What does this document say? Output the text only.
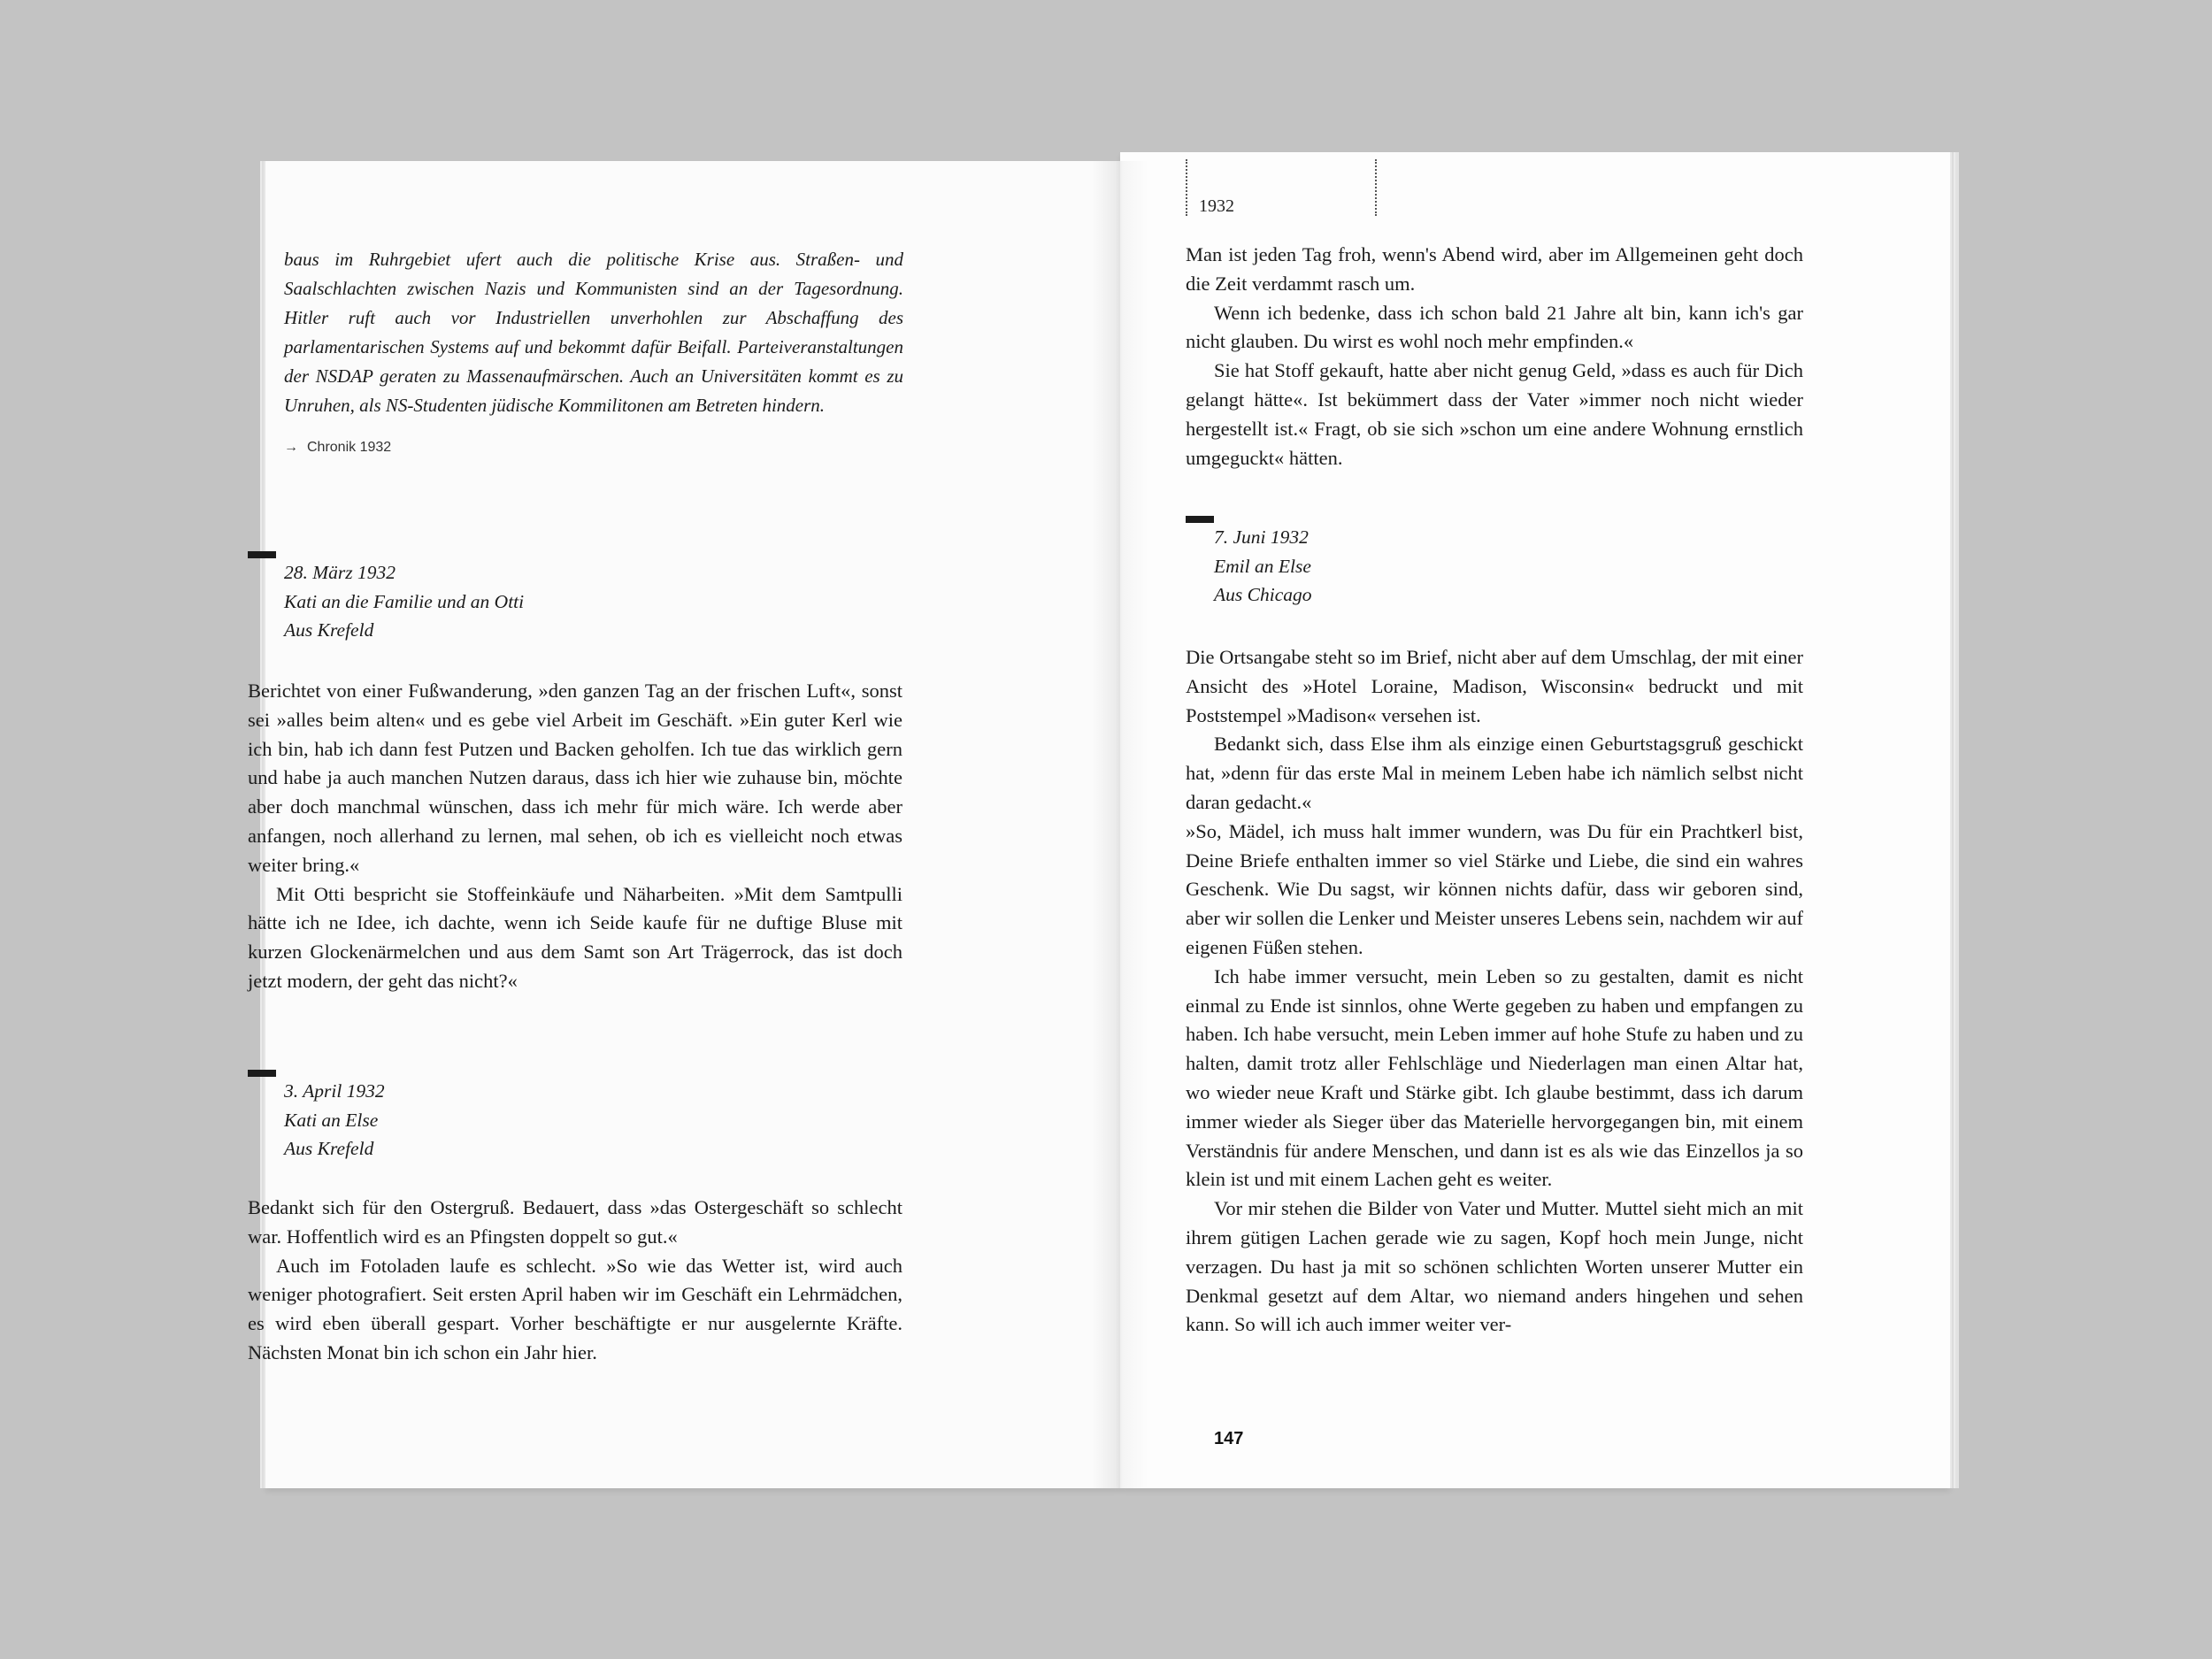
baus im Ruhrgebiet ufert auch die politische Krise aus. Straßen- und Saalschlachten zwischen Nazis und Kommunisten sind an der Tagesordnung. Hitler ruft auch vor Industriellen unverhohlen zur Abschaffung des parlamentarischen Systems auf und bekommt dafür Beifall. Parteiveranstaltungen der NSDAP geraten zu Massenaufmärschen. Auch an Universitäten kommt es zu Unruhen, als NS-Studenten jüdische Kommilitonen am Betreten hindern.

→ Chronik 1932
28. März 1932
Kati an die Familie und an Otti
Aus Krefeld

Berichtet von einer Fußwanderung, »den ganzen Tag an der frischen Luft«, sonst sei »alles beim alten« und es gebe viel Arbeit im Geschäft. »Ein guter Kerl wie ich bin, hab ich dann fest Putzen und Backen geholfen. Ich tue das wirklich gern und habe ja auch manchen Nutzen daraus, dass ich hier wie zuhause bin, möchte aber doch manchmal wünschen, dass ich mehr für mich wäre. Ich werde aber anfangen, noch allerhand zu lernen, mal sehen, ob ich es vielleicht noch etwas weiter bring.«

Mit Otti bespricht sie Stoffeinkäufe und Näharbeiten. »Mit dem Samtpulli hätte ich ne Idee, ich dachte, wenn ich Seide kaufe für ne duftige Bluse mit kurzen Glockenärmelchen und aus dem Samt son Art Trägerrock, das ist doch jetzt modern, der geht das nicht?«

3. April 1932
Kati an Else
Aus Krefeld

Bedankt sich für den Ostergruß. Bedauert, dass »das Ostergeschäft so schlecht war. Hoffentlich wird es an Pfingsten doppelt so gut.«

Auch im Fotoladen laufe es schlecht. »So wie das Wetter ist, wird auch weniger photografiert. Seit ersten April haben wir im Geschäft ein Lehrmädchen, es wird eben überall gespart. Vorher beschäftigte er nur ausgelernte Kräfte. Nächsten Monat bin ich schon ein Jahr hier.

1932

Man ist jeden Tag froh, wenn's Abend wird, aber im Allgemeinen geht doch die Zeit verdammt rasch um.

Wenn ich bedenke, dass ich schon bald 21 Jahre alt bin, kann ich's gar nicht glauben. Du wirst es wohl noch mehr empfinden.«

Sie hat Stoff gekauft, hatte aber nicht genug Geld, »dass es auch für Dich gelangt hätte«. Ist bekümmert dass der Vater »immer noch nicht wieder hergestellt ist.« Fragt, ob sie sich »schon um eine andere Wohnung ernstlich umgeguckt« hätten.

7. Juni 1932
Emil an Else
Aus Chicago

Die Ortsangabe steht so im Brief, nicht aber auf dem Umschlag, der mit einer Ansicht des »Hotel Loraine, Madison, Wisconsin« bedruckt und mit Poststempel »Madison« versehen ist.

Bedankt sich, dass Else ihm als einzige einen Geburtstagsgruß geschickt hat, »denn für das erste Mal in meinem Leben habe ich nämlich selbst nicht daran gedacht.«

»So, Mädel, ich muss halt immer wundern, was Du für ein Prachtkerl bist, Deine Briefe enthalten immer so viel Stärke und Liebe, die sind ein wahres Geschenk. Wie Du sagst, wir können nichts dafür, dass wir geboren sind, aber wir sollen die Lenker und Meister unseres Lebens sein, nachdem wir auf eigenen Füßen stehen.

Ich habe immer versucht, mein Leben so zu gestalten, damit es nicht einmal zu Ende ist sinnlos, ohne Werte gegeben zu haben und empfangen zu haben. Ich habe versucht, mein Leben immer auf hohe Stufe zu haben und zu halten, damit trotz aller Fehlschläge und Niederlagen man einen Altar hat, wo wieder neue Kraft und Stärke gibt. Ich glaube bestimmt, dass ich darum immer wieder als Sieger über das Materielle hervorgegangen bin, mit einem Verständnis für andere Menschen, und dann ist es als wie das Einzellos ja so klein ist und mit einem Lachen geht es weiter.

Vor mir stehen die Bilder von Vater und Mutter. Muttel sieht mich an mit ihrem gütigen Lachen gerade wie zu sagen, Kopf hoch mein Junge, nicht verzagen. Du hast ja mit so schönen schlichten Worten unserer Mutter ein Denkmal gesetzt auf dem Altar, wo niemand anders hingehen und sehen kann. So will ich auch immer weiter ver-

147
